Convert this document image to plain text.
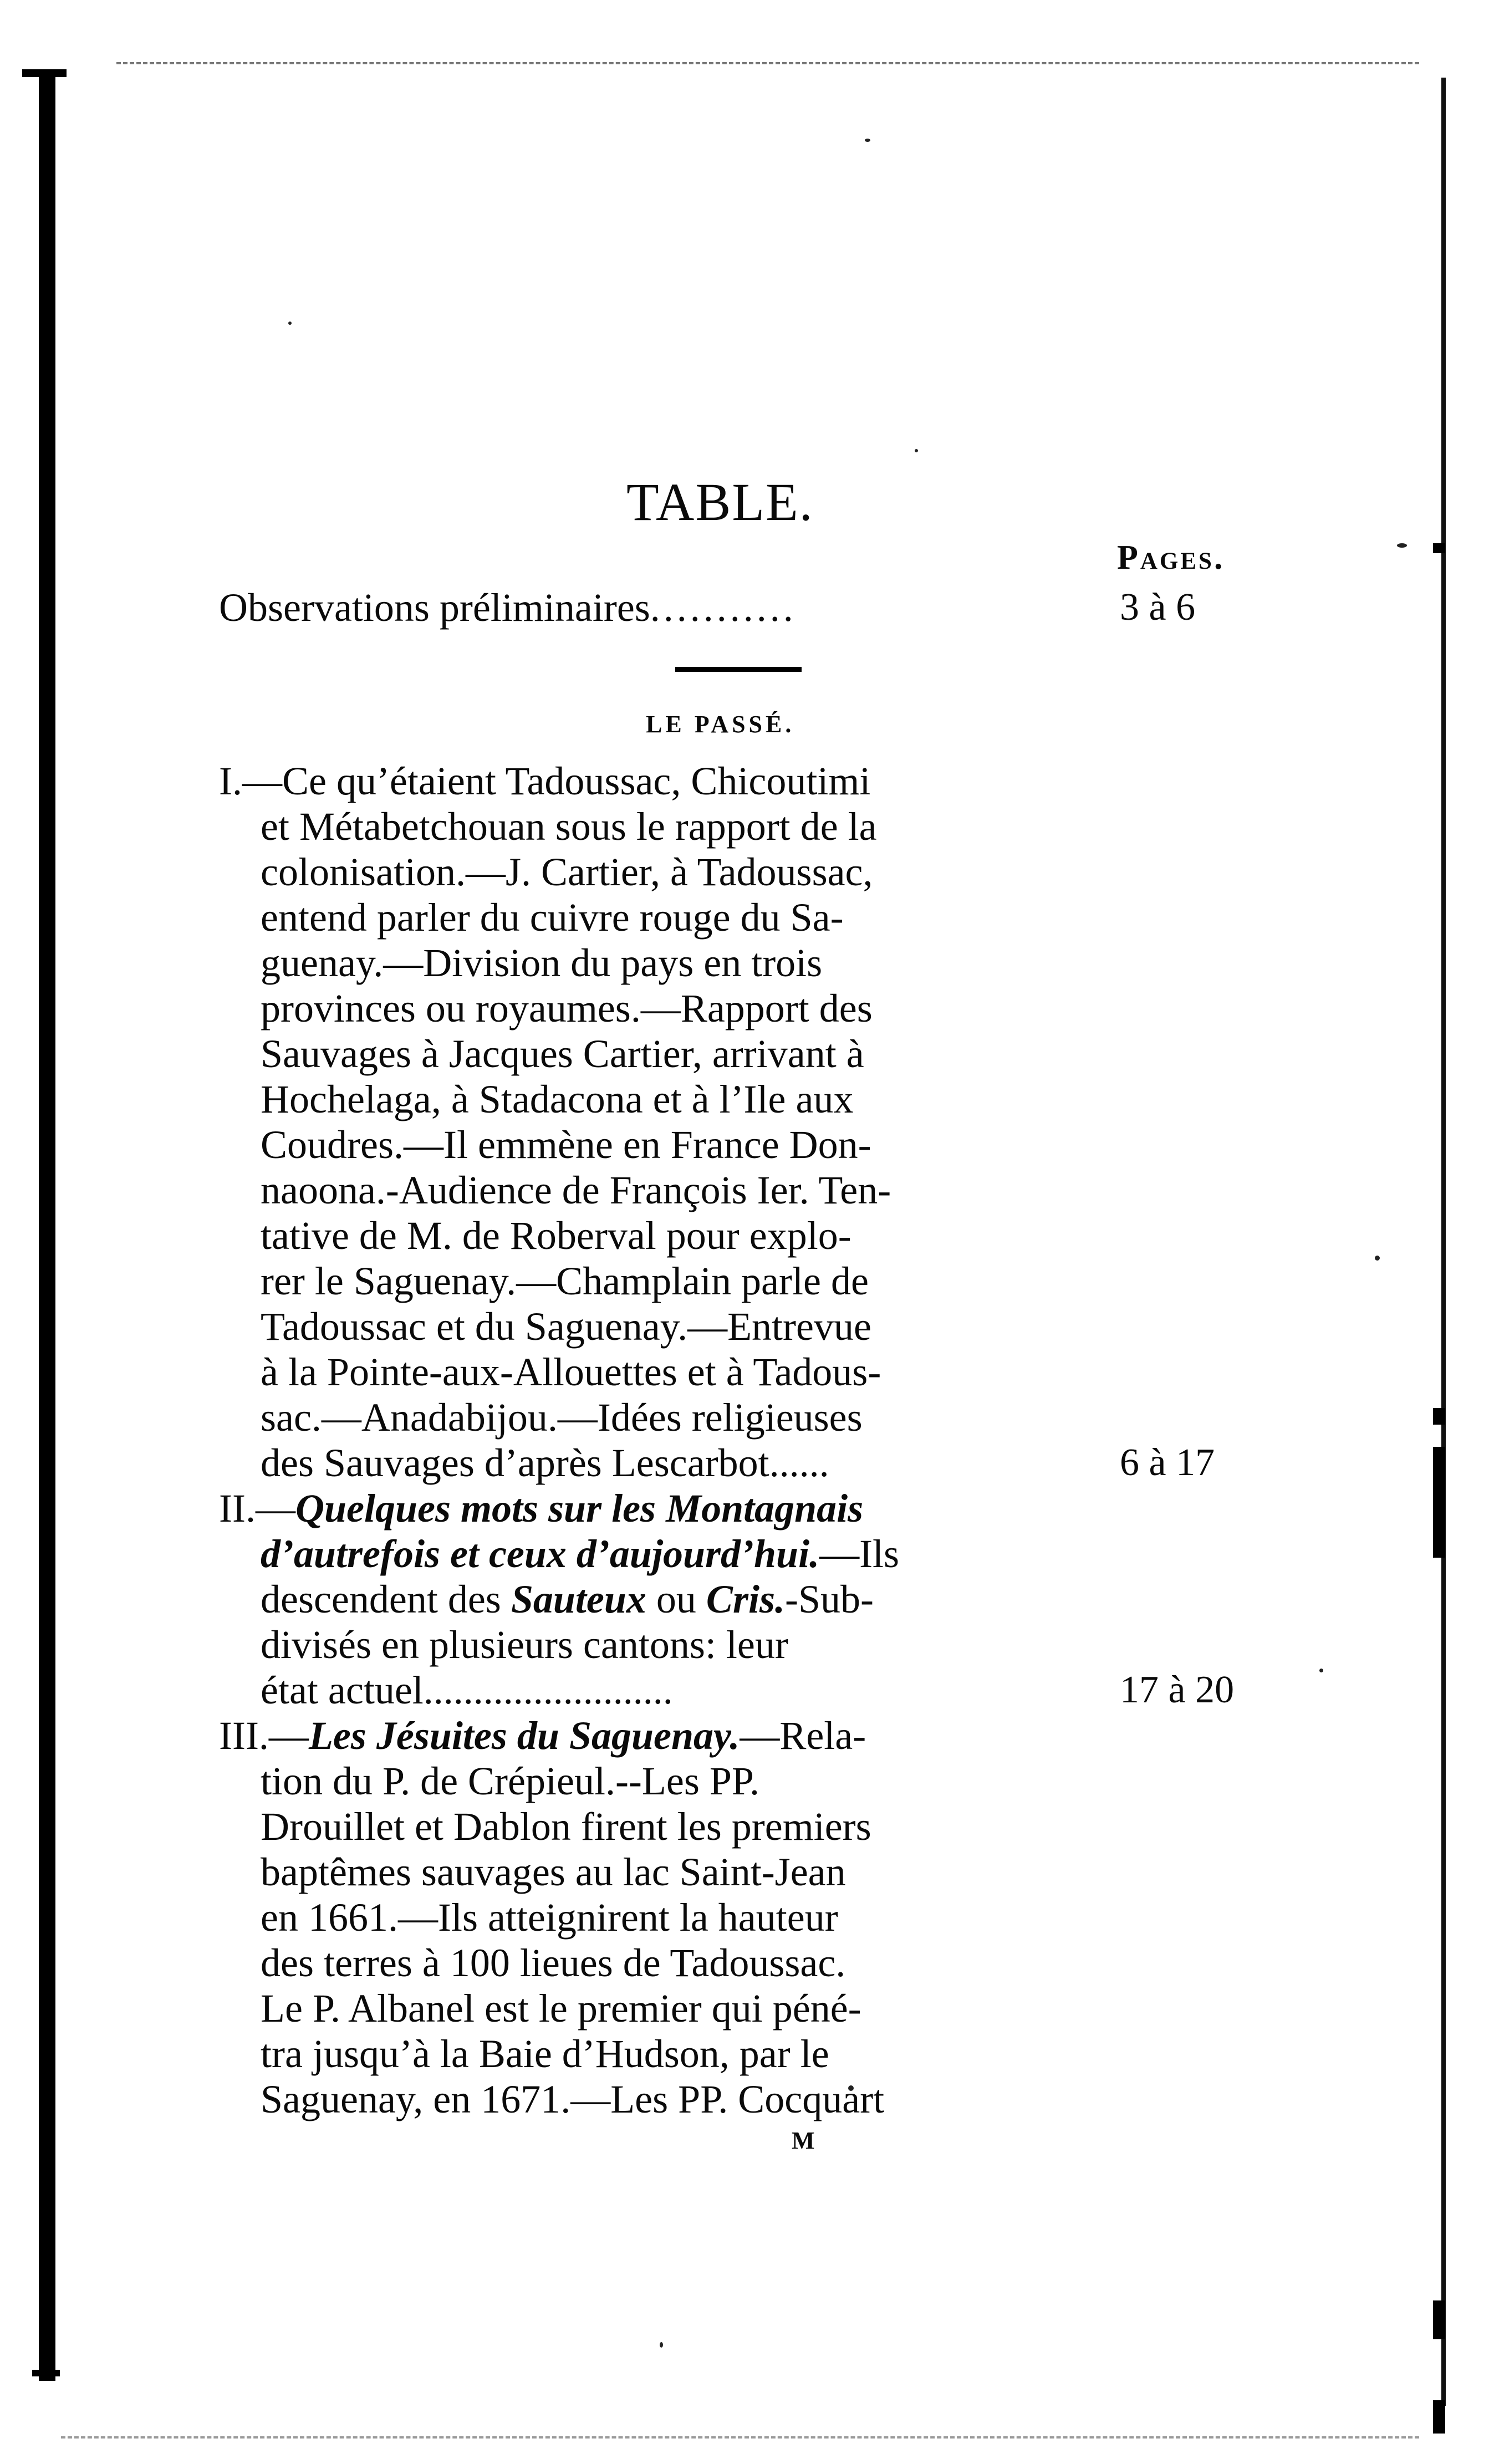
TABLE.
Pages.
Observations préliminaires...........	3 à 6
LE PASSÉ.
I.—Ce qu’étaient Tadoussac, Chicoutimi
et Métabetchouan sous le rapport de la
colonisation.—J. Cartier, à Tadoussac,
entend parler du cuivre rouge du Sa-
guenay.—Division du pays en trois
provinces ou royaumes.—Rapport des
Sauvages à Jacques Cartier, arrivant à
Hochelaga, à Stadacona et à l’Ile aux
Coudres.—Il emmène en France Don-
naoona.-Audience de François Ier. Ten-
tative de M. de Roberval pour explo-
rer le Saguenay.—Champlain parle de
Tadoussac et du Saguenay.—Entrevue
à la Pointe-aux-Allouettes et à Tadous-
sac.—Anadabijou.—Idées religieuses
des Sauvages d’après Lescarbot......	6 à 17
II.—Quelques mots sur les Montagnais
d’autrefois et ceux d’aujourd’hui.—Ils
descendent des Sauteux ou Cris.-Sub-
divisés en plusieurs cantons: leur
état actuel.........................	17 à 20
III.—Les Jésuites du Saguenay.—Rela-
tion du P. de Crépieul.--Les PP.
Drouillet et Dablon firent les premiers
baptêmes sauvages au lac Saint-Jean
en 1661.—Ils atteignirent la hauteur
des terres à 100 lieues de Tadoussac.
Le P. Albanel est le premier qui péné-
tra jusqu’à la Baie d’Hudson, par le
Saguenay, en 1671.—Les PP. Cocquart
M
